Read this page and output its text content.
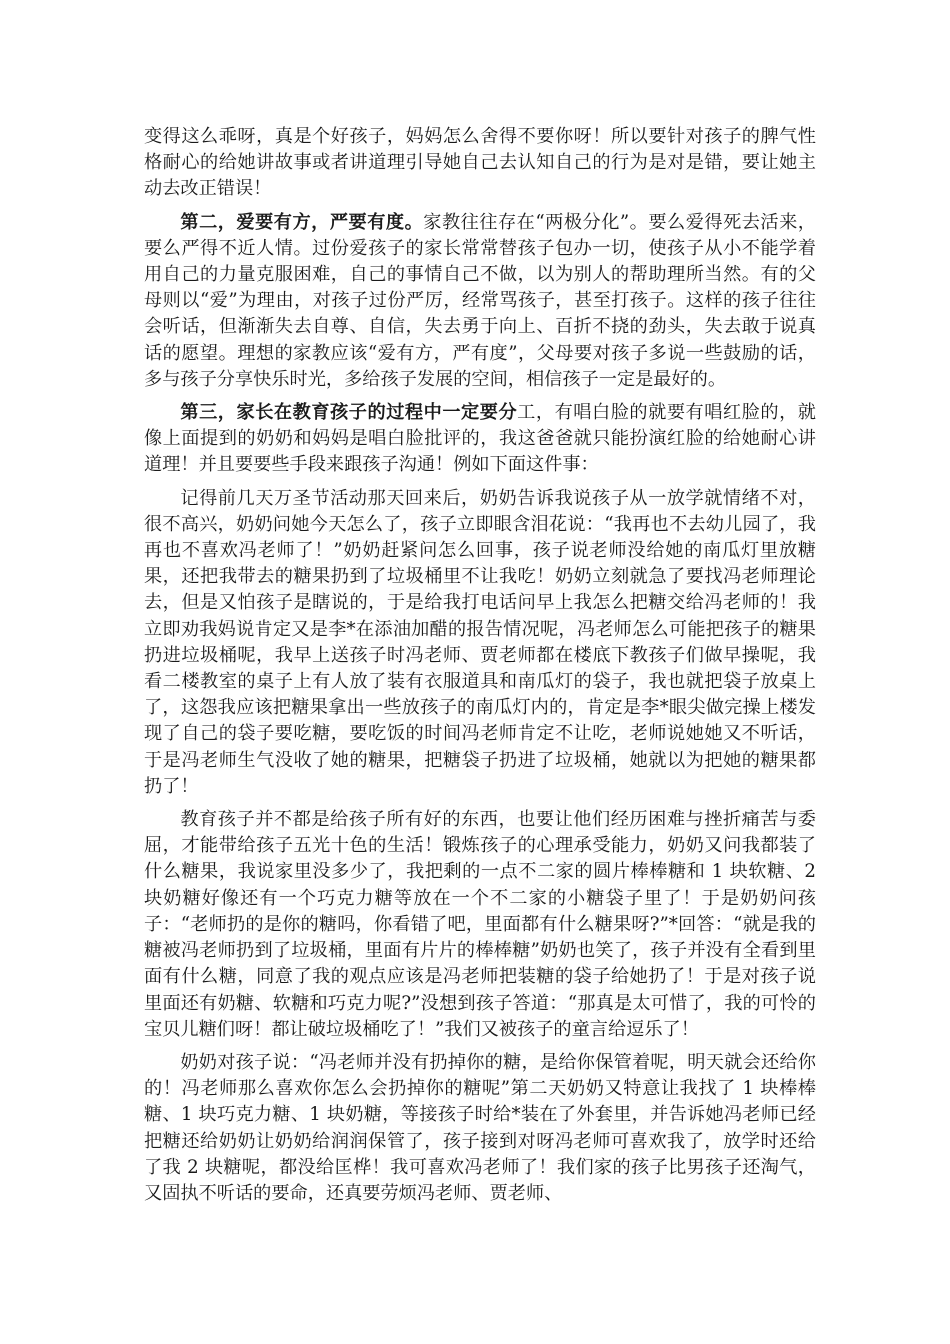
变得这么乖呀，真是个好孩子，妈妈怎么舍得不要你呀！所以要针对孩子的脾气性格耐心的给她讲故事或者讲道理引导她自己去认知自己的行为是对是错，要让她主动去改正错误！

第二，爱要有方，严要有度。家教往往存在“两极分化”。要么爱得死去活来，要么严得不近人情。过份爱孩子的家长常常替孩子包办一切，使孩子从小不能学着用自己的力量克服困难，自己的事情自己不做，以为别人的帮助理所当然。有的父母则以“爱”为理由，对孩子过份严厉，经常骂孩子，甚至打孩子。这样的孩子往往会听话，但渐渐失去自尊、自信，失去勇于向上、百折不挠的劲头，失去敢于说真话的愿望。理想的家教应该“爱有方，严有度”，父母要对孩子多说一些鼓励的话，多与孩子分享快乐时光，多给孩子发展的空间，相信孩子一定是最好的。

第三，家长在教育孩子的过程中一定要分工，有唱白脸的就要有唱红脸的，就像上面提到的奶奶和妈妈是唱白脸批评的，我这爸爸就只能扮演红脸的给她耐心讲道理！并且要要些手段来跟孩子沟通！例如下面这件事：

记得前几天万圣节活动那天回来后，奶奶告诉我说孩子从一放学就情绪不对，很不高兴，奶奶问她今天怎么了，孩子立即眼含泪花说：“我再也不去幼儿园了，我再也不喜欢冯老师了！”奶奶赶紧问怎么回事，孩子说老师没给她的南瓜灯里放糖果，还把我带去的糖果扔到了垃圾桶里不让我吃！奶奶立刻就急了要找冯老师理论去，但是又怕孩子是瞎说的，于是给我打电话问早上我怎么把糖交给冯老师的！我立即劝我妈说肯定又是李*在添油加醋的报告情况呢，冯老师怎么可能把孩子的糖果扔进垃圾桶呢，我早上送孩子时冯老师、贾老师都在楼底下教孩子们做早操呢，我看二楼教室的桌子上有人放了装有衣服道具和南瓜灯的袋子，我也就把袋子放桌上了，这怨我应该把糖果拿出一些放孩子的南瓜灯内的，肯定是李*眼尖做完操上楼发现了自己的袋子要吃糖，要吃饭的时间冯老师肯定不让吃，老师说她她又不听话，于是冯老师生气没收了她的糖果，把糖袋子扔进了垃圾桶，她就以为把她的糖果都扔了！

教育孩子并不都是给孩子所有好的东西，也要让他们经历困难与挫折痛苦与委屈，才能带给孩子五光十色的生活！锻炼孩子的心理承受能力，奶奶又问我都装了什么糖果，我说家里没多少了，我把剩的一点不二家的圆片棒棒糖和 1 块软糖、2 块奶糖好像还有一个巧克力糖等放在一个不二家的小糖袋子里了！于是奶奶问孩子：“老师扔的是你的糖吗，你看错了吧，里面都有什么糖果呀?”*回答：“就是我的糖被冯老师扔到了垃圾桶，里面有片片的棒棒糖”奶奶也笑了，孩子并没有全看到里面有什么糖，同意了我的观点应该是冯老师把装糖的袋子给她扔了！于是对孩子说里面还有奶糖、软糖和巧克力呢?”没想到孩子答道：“那真是太可惜了，我的可怜的宝贝儿糖们呀！都让破垃圾桶吃了！”我们又被孩子的童言给逗乐了！

奶奶对孩子说：“冯老师并没有扔掉你的糖，是给你保管着呢，明天就会还给你的！冯老师那么喜欢你怎么会扔掉你的糖呢”第二天奶奶又特意让我找了 1 块棒棒糖、1 块巧克力糖、1 块奶糖，等接孩子时给*装在了外套里，并告诉她冯老师已经把糖还给奶奶让奶奶给润润保管了，孩子接到对呀冯老师可喜欢我了，放学时还给了我 2 块糖呢，都没给匡桦！我可喜欢冯老师了！我们家的孩子比男孩子还淘气，又固执不听话的要命，还真要劳烦冯老师、贾老师、
